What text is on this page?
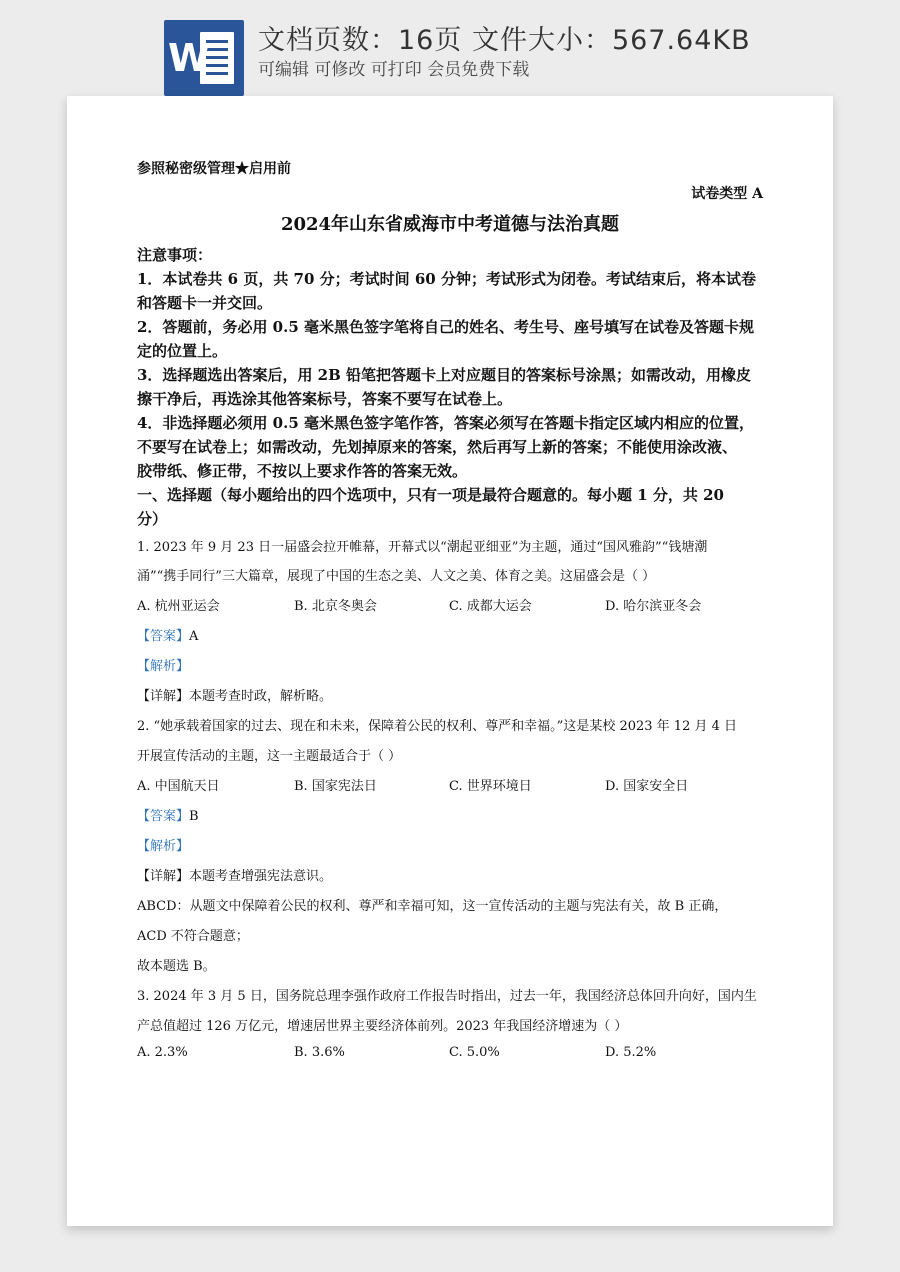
W 文档页数：16页 文件大小：567.64KB
可编辑 可修改 可打印 会员免费下载
参照秘密级管理★启用前
试卷类型 A
2024年山东省威海市中考道德与法治真题
注意事项：
1．本试卷共 6 页，共 70 分；考试时间 60 分钟；考试形式为闭卷。考试结束后，将本试卷
和答题卡一并交回。
2．答题前，务必用 0.5 毫米黑色签字笔将自己的姓名、考生号、座号填写在试卷及答题卡规
定的位置上。
3．选择题选出答案后，用 2B 铅笔把答题卡上对应题目的答案标号涂黑；如需改动，用橡皮
擦干净后，再选涂其他答案标号，答案不要写在试卷上。
4．非选择题必须用 0.5 毫米黑色签字笔作答，答案必须写在答题卡指定区域内相应的位置，
不要写在试卷上；如需改动，先划掉原来的答案，然后再写上新的答案；不能使用涂改液、
胶带纸、修正带，不按以上要求作答的答案无效。
一、选择题（每小题给出的四个选项中，只有一项是最符合题意的。每小题 1 分，共 20
分）
1. 2023 年 9 月 23 日一届盛会拉开帷幕，开幕式以“潮起亚细亚”为主题，通过“国风雅韵”“钱塘潮
涌”“携手同行”三大篇章，展现了中国的生态之美、人文之美、体育之美。这届盛会是（ ）
A. 杭州亚运会	B. 北京冬奥会	C. 成都大运会	D. 哈尔滨亚冬会
【答案】A
【解析】
【详解】本题考查时政，解析略。
2. “她承载着国家的过去、现在和未来，保障着公民的权利、尊严和幸福。”这是某校 2023 年 12 月 4 日
开展宣传活动的主题，这一主题最适合于（ ）
A. 中国航天日	B. 国家宪法日	C. 世界环境日	D. 国家安全日
【答案】B
【解析】
【详解】本题考查增强宪法意识。
ABCD：从题文中保障着公民的权利、尊严和幸福可知，这一宣传活动的主题与宪法有关，故 B 正确，
ACD 不符合题意；
故本题选 B。
3. 2024 年 3 月 5 日，国务院总理李强作政府工作报告时指出，过去一年，我国经济总体回升向好，国内生
产总值超过 126 万亿元，增速居世界主要经济体前列。2023 年我国经济增速为（ ）
A. 2.3%	B. 3.6%	C. 5.0%	D. 5.2%
